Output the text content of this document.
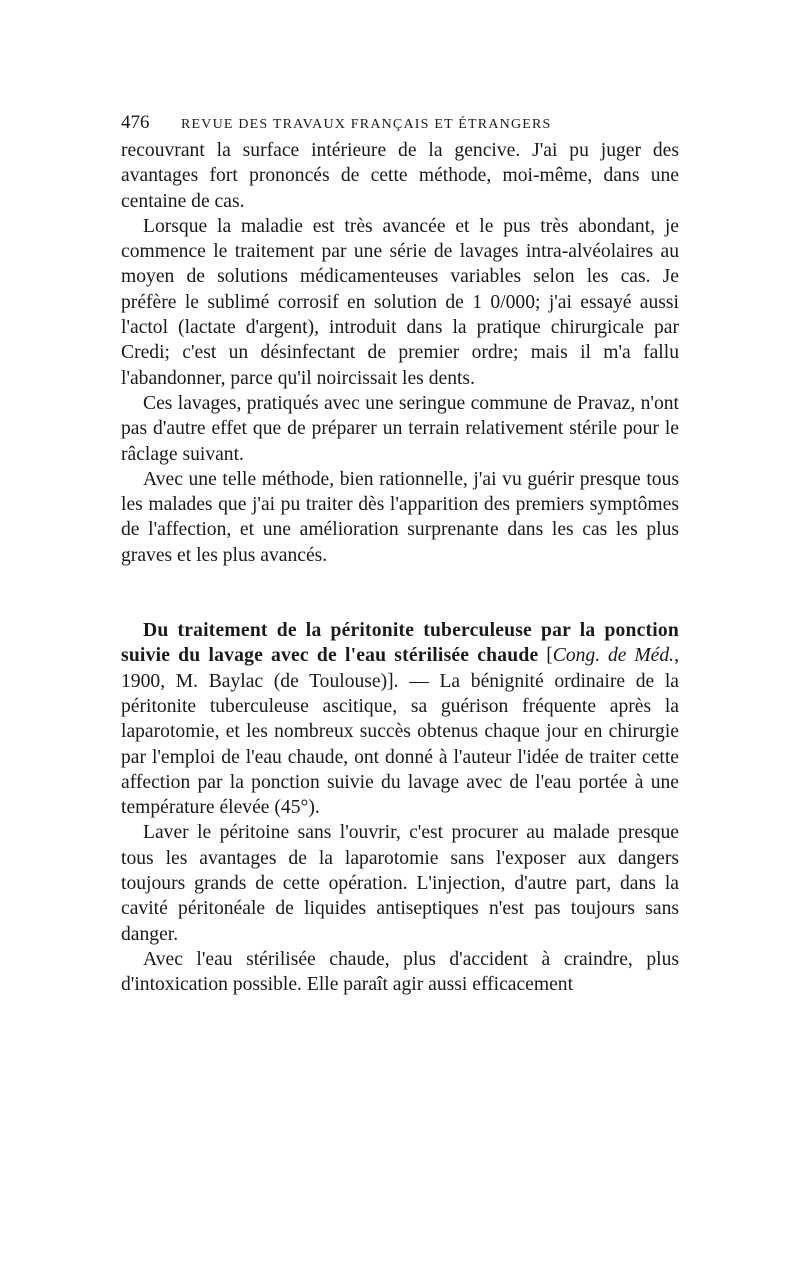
476	REVUE DES TRAVAUX FRANÇAIS ET ÉTRANGERS

recouvrant la surface intérieure de la gencive. J'ai pu juger des avantages fort prononcés de cette méthode, moi-même, dans une centaine de cas.

Lorsque la maladie est très avancée et le pus très abondant, je commence le traitement par une série de lavages intra-alvéolaires au moyen de solutions médicamenteuses variables selon les cas. Je préfère le sublimé corrosif en solution de 1 0/000; j'ai essayé aussi l'actol (lactate d'argent), introduit dans la pratique chirurgicale par Credi; c'est un désinfectant de premier ordre; mais il m'a fallu l'abandonner, parce qu'il noircissait les dents.

Ces lavages, pratiqués avec une seringue commune de Pravaz, n'ont pas d'autre effet que de préparer un terrain relativement stérile pour le râclage suivant.

Avec une telle méthode, bien rationnelle, j'ai vu guérir presque tous les malades que j'ai pu traiter dès l'apparition des premiers symptômes de l'affection, et une amélioration surprenante dans les cas les plus graves et les plus avancés.

Du traitement de la péritonite tuberculeuse par la ponction suivie du lavage avec de l'eau stérilisée chaude [Cong. de Méd., 1900, M. Baylac (de Toulouse)]. — La bénignité ordinaire de la péritonite tuberculeuse ascitique, sa guérison fréquente après la laparotomie, et les nombreux succès obtenus chaque jour en chirurgie par l'emploi de l'eau chaude, ont donné à l'auteur l'idée de traiter cette affection par la ponction suivie du lavage avec de l'eau portée à une température élevée (45°).

Laver le péritoine sans l'ouvrir, c'est procurer au malade presque tous les avantages de la laparotomie sans l'exposer aux dangers toujours grands de cette opération. L'injection, d'autre part, dans la cavité péritonéale de liquides antiseptiques n'est pas toujours sans danger.

Avec l'eau stérilisée chaude, plus d'accident à craindre, plus d'intoxication possible. Elle paraît agir aussi efficacement
